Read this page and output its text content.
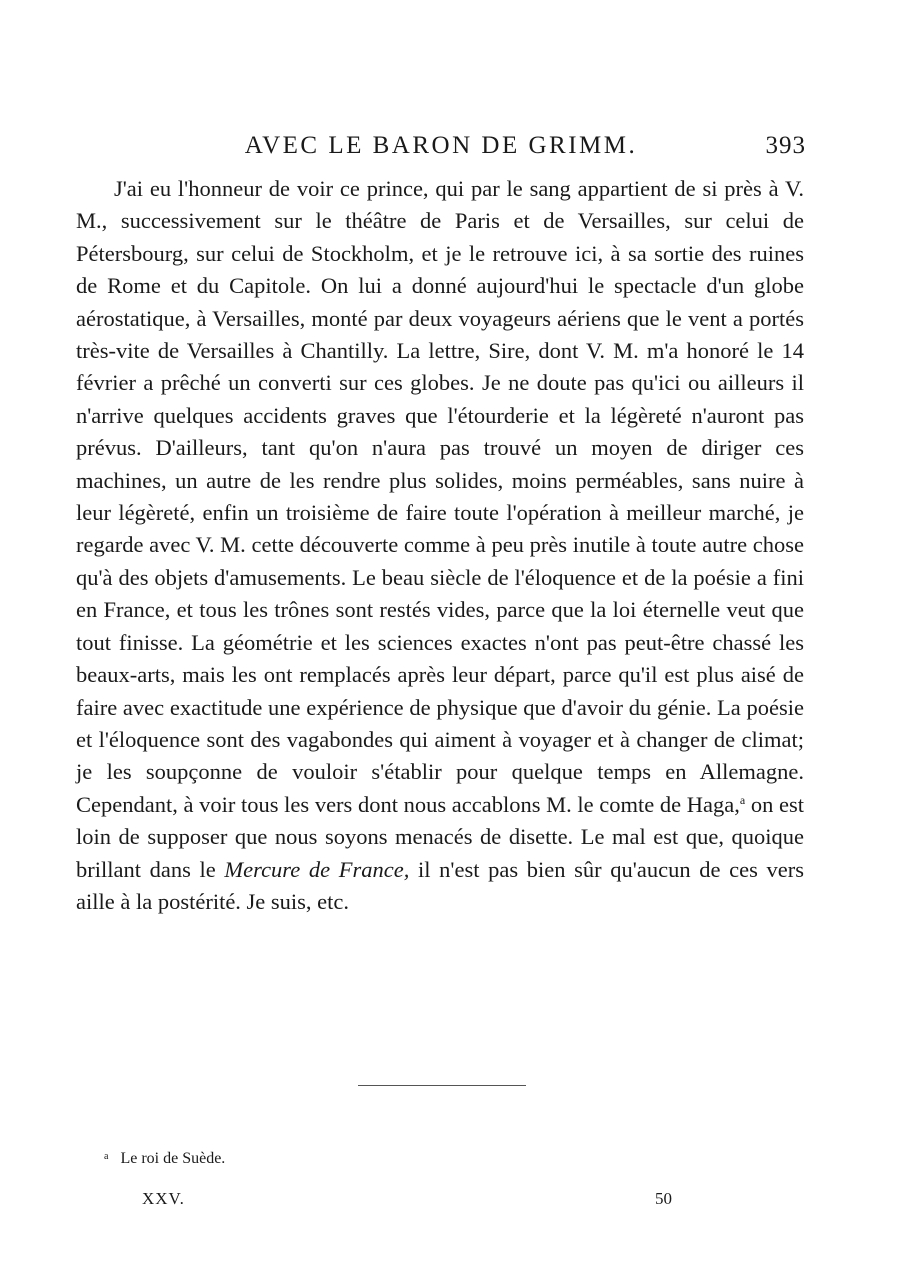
AVEC LE BARON DE GRIMM.	393

J'ai eu l'honneur de voir ce prince, qui par le sang appartient de si près à V. M., successivement sur le théâtre de Paris et de Versailles, sur celui de Pétersbourg, sur celui de Stockholm, et je le retrouve ici, à sa sortie des ruines de Rome et du Capitole. On lui a donné aujourd'hui le spectacle d'un globe aérostatique, à Versailles, monté par deux voyageurs aériens que le vent a portés très-vite de Versailles à Chantilly. La lettre, Sire, dont V. M. m'a honoré le 14 février a prêché un converti sur ces globes. Je ne doute pas qu'ici ou ailleurs il n'arrive quelques accidents graves que l'étourderie et la légèreté n'auront pas prévus. D'ailleurs, tant qu'on n'aura pas trouvé un moyen de diriger ces machines, un autre de les rendre plus solides, moins perméables, sans nuire à leur légèreté, enfin un troisième de faire toute l'opération à meilleur marché, je regarde avec V. M. cette découverte comme à peu près inutile à toute autre chose qu'à des objets d'amusements. Le beau siècle de l'éloquence et de la poésie a fini en France, et tous les trônes sont restés vides, parce que la loi éternelle veut que tout finisse. La géométrie et les sciences exactes n'ont pas peut-être chassé les beaux-arts, mais les ont remplacés après leur départ, parce qu'il est plus aisé de faire avec exactitude une expérience de physique que d'avoir du génie. La poésie et l'éloquence sont des vagabondes qui aiment à voyager et à changer de climat; je les soupçonne de vouloir s'établir pour quelque temps en Allemagne. Cependant, à voir tous les vers dont nous accablons M. le comte de Haga,$^a$ on est loin de supposer que nous soyons menacés de disette. Le mal est que, quoique brillant dans le Mercure de France, il n'est pas bien sûr qu'aucun de ces vers aille à la postérité. Je suis, etc.

$^a$ Le roi de Suède.
XXV.	50
